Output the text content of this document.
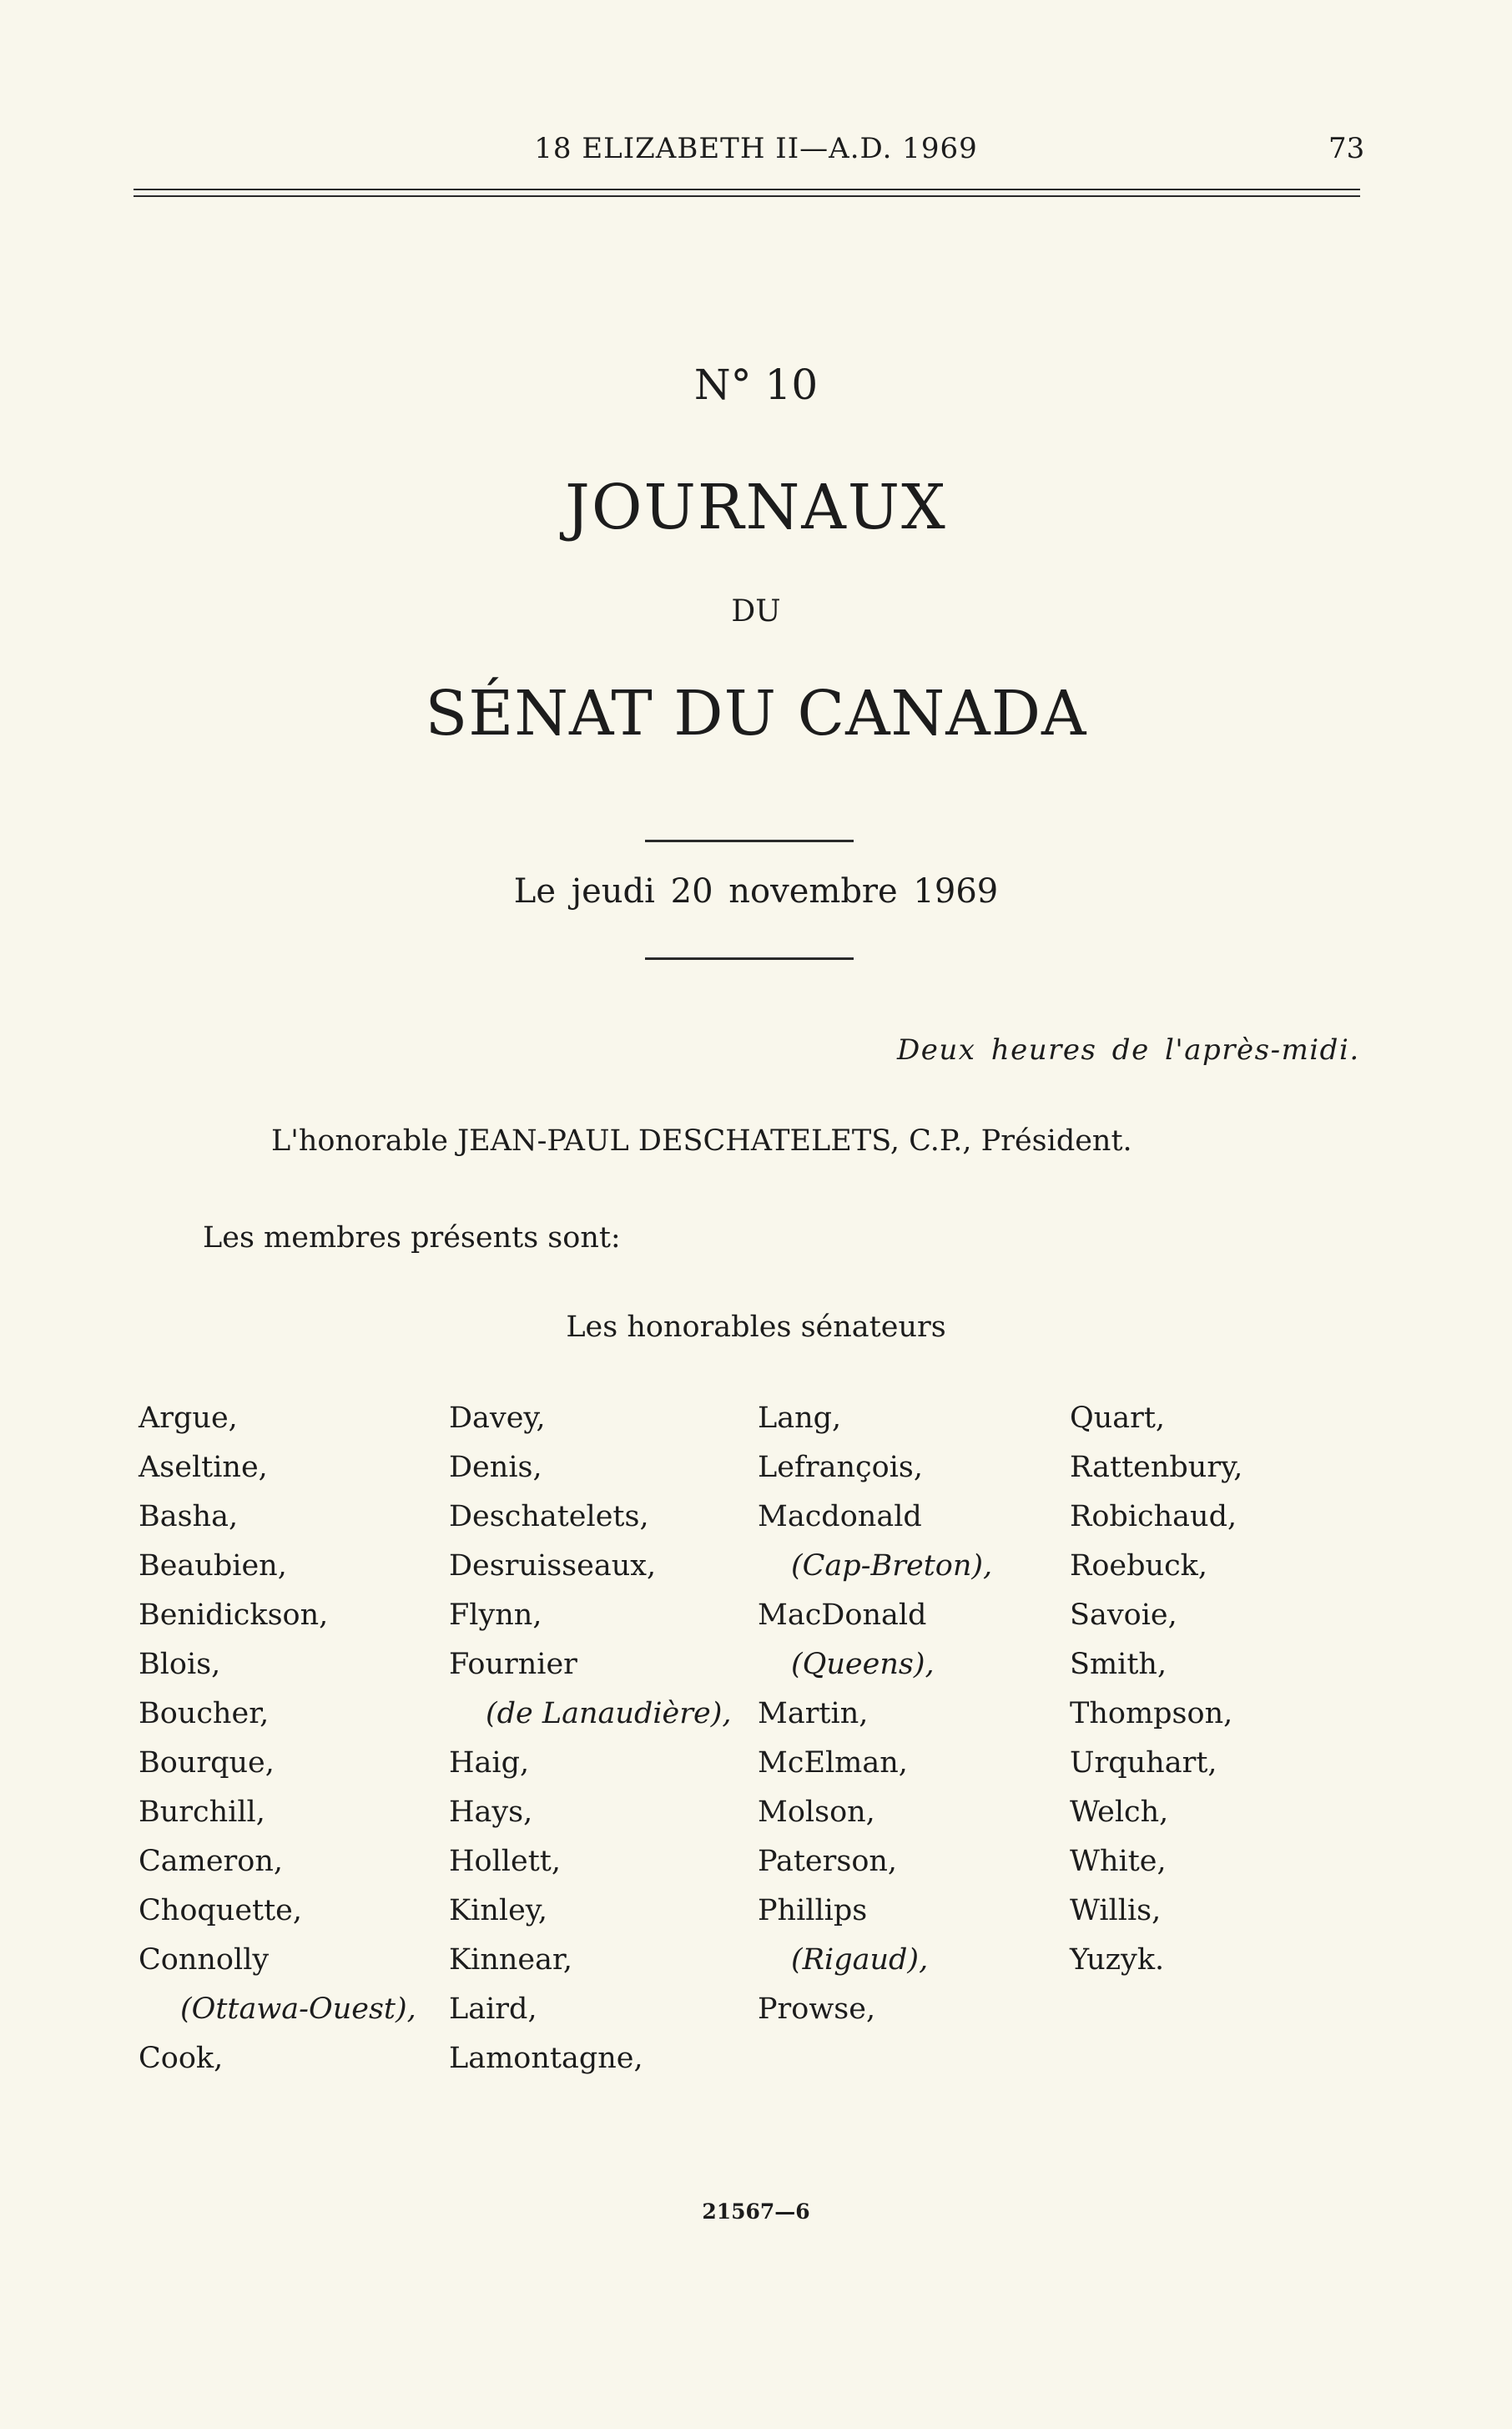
18 ELIZABETH II—A.D. 1969	73
N° 10
JOURNAUX
DU
SÉNAT DU CANADA
Le jeudi 20 novembre 1969
Deux heures de l'après-midi.
L'honorable JEAN-PAUL DESCHATELETS, C.P., Président.
Les membres présents sont:
Les honorables sénateurs
Argue,
Aseltine,
Basha,
Beaubien,
Benidickson,
Blois,
Boucher,
Bourque,
Burchill,
Cameron,
Choquette,
Connolly
(Ottawa-Ouest),
Cook,
Davey,
Denis,
Deschatelets,
Desruisseaux,
Flynn,
Fournier
(de Lanaudière),
Haig,
Hays,
Hollett,
Kinley,
Kinnear,
Laird,
Lamontagne,
Lang,
Lefrançois,
Macdonald
(Cap-Breton),
MacDonald
(Queens),
Martin,
McElman,
Molson,
Paterson,
Phillips
(Rigaud),
Prowse,
Quart,
Rattenbury,
Robichaud,
Roebuck,
Savoie,
Smith,
Thompson,
Urquhart,
Welch,
White,
Willis,
Yuzyk.
21567—6
